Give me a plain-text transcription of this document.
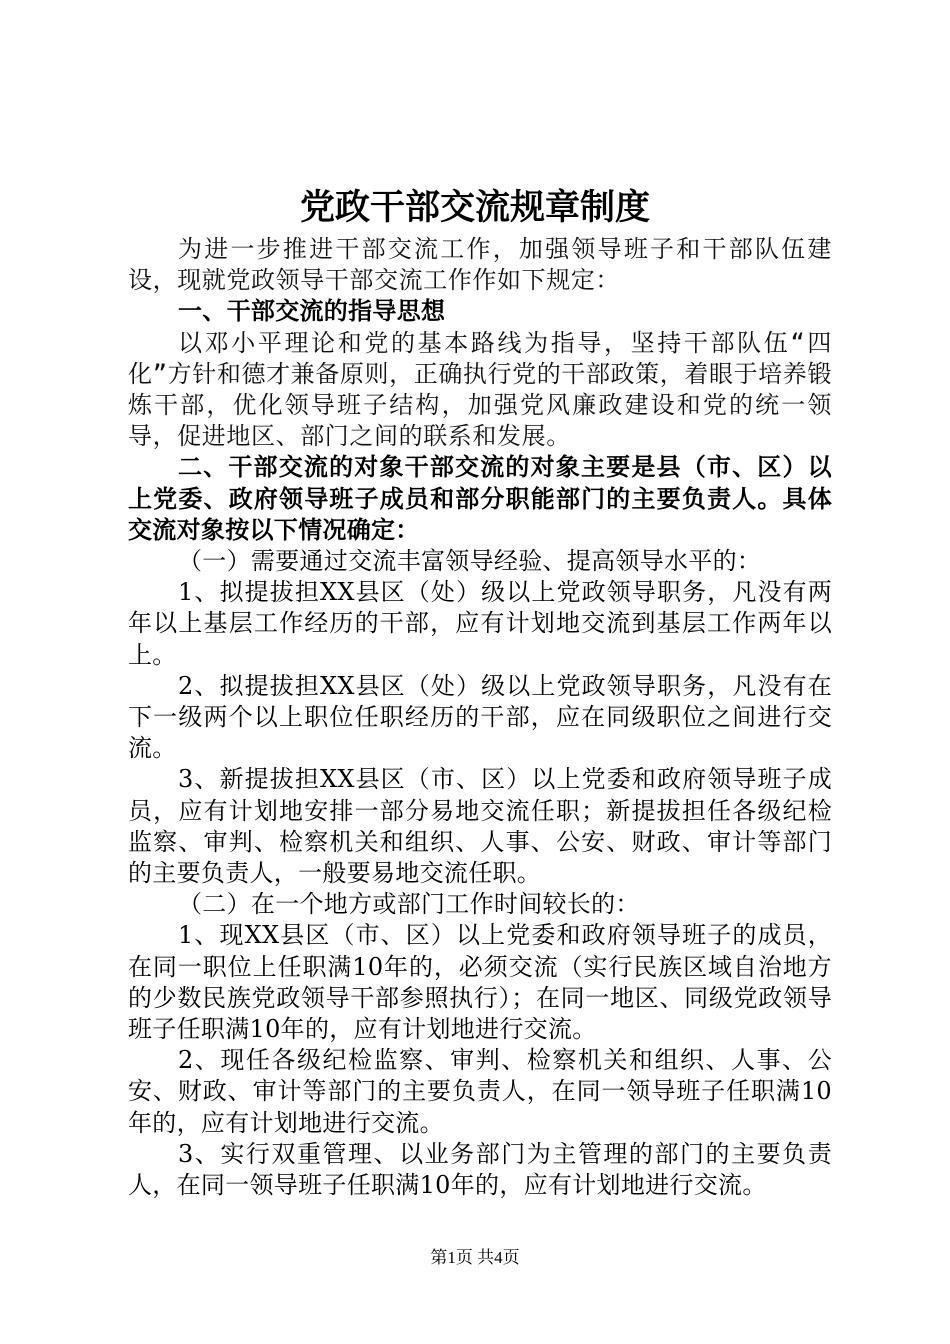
党政干部交流规章制度

为进一步推进干部交流工作，加强领导班子和干部队伍建设，现就党政领导干部交流工作作如下规定：

一、干部交流的指导思想

以邓小平理论和党的基本路线为指导，坚持干部队伍“四化”方针和德才兼备原则，正确执行党的干部政策，着眼于培养锻炼干部，优化领导班子结构，加强党风廉政建设和党的统一领导，促进地区、部门之间的联系和发展。

二、干部交流的对象干部交流的对象主要是县（市、区）以上党委、政府领导班子成员和部分职能部门的主要负责人。具体交流对象按以下情况确定：

（一）需要通过交流丰富领导经验、提高领导水平的：

1、拟提拔担XX县区（处）级以上党政领导职务，凡没有两年以上基层工作经历的干部，应有计划地交流到基层工作两年以上。

2、拟提拔担XX县区（处）级以上党政领导职务，凡没有在下一级两个以上职位任职经历的干部，应在同级职位之间进行交流。

3、新提拔担XX县区（市、区）以上党委和政府领导班子成员，应有计划地安排一部分易地交流任职；新提拔担任各级纪检监察、审判、检察机关和组织、人事、公安、财政、审计等部门的主要负责人，一般要易地交流任职。

（二）在一个地方或部门工作时间较长的：

1、现XX县区（市、区）以上党委和政府领导班子的成员，在同一职位上任职满10年的，必须交流（实行民族区域自治地方的少数民族党政领导干部参照执行）；在同一地区、同级党政领导班子任职满10年的，应有计划地进行交流。

2、现任各级纪检监察、审判、检察机关和组织、人事、公安、财政、审计等部门的主要负责人，在同一领导班子任职满10年的，应有计划地进行交流。

3、实行双重管理、以业务部门为主管理的部门的主要负责人，在同一领导班子任职满10年的，应有计划地进行交流。

第1页 共4页
